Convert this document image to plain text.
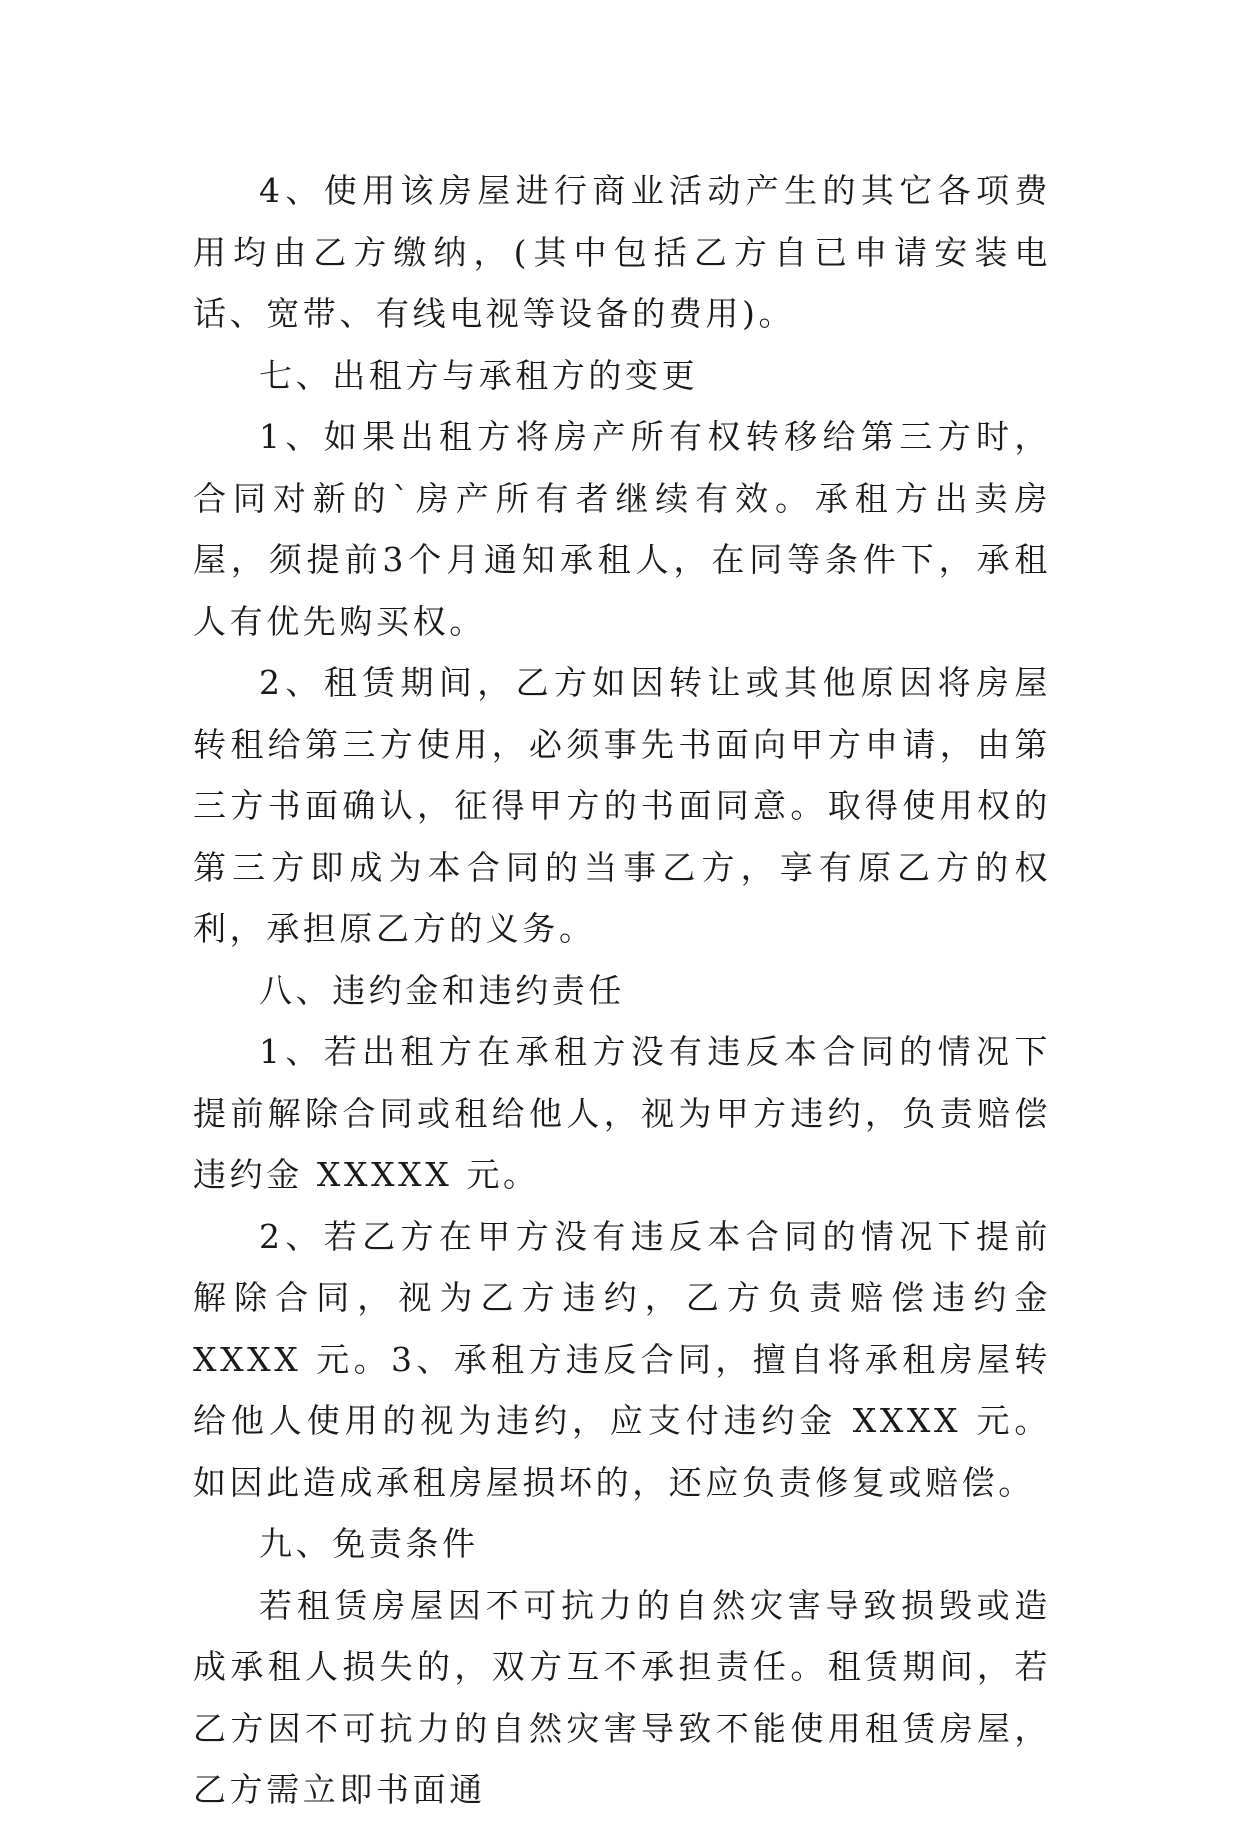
4、使用该房屋进行商业活动产生的其它各项费用均由乙方缴纳，(其中包括乙方自已申请安装电话、宽带、有线电视等设备的费用)。

七、出租方与承租方的变更

1、如果出租方将房产所有权转移给第三方时，合同对新的`房产所有者继续有效。承租方出卖房屋，须提前3个月通知承租人，在同等条件下，承租人有优先购买权。

2、租赁期间，乙方如因转让或其他原因将房屋转租给第三方使用，必须事先书面向甲方申请，由第三方书面确认，征得甲方的书面同意。取得使用权的第三方即成为本合同的当事乙方，享有原乙方的权利，承担原乙方的义务。

八、违约金和违约责任

1、若出租方在承租方没有违反本合同的情况下提前解除合同或租给他人，视为甲方违约，负责赔偿违约金 XXXXX 元。

2、若乙方在甲方没有违反本合同的情况下提前解除合同，视为乙方违约，乙方负责赔偿违约金 XXXX 元。3、承租方违反合同，擅自将承租房屋转给他人使用的视为违约，应支付违约金 XXXX 元。如因此造成承租房屋损坏的，还应负责修复或赔偿。

九、免责条件

若租赁房屋因不可抗力的自然灾害导致损毁或造成承租人损失的，双方互不承担责任。租赁期间，若乙方因不可抗力的自然灾害导致不能使用租赁房屋，乙方需立即书面通
